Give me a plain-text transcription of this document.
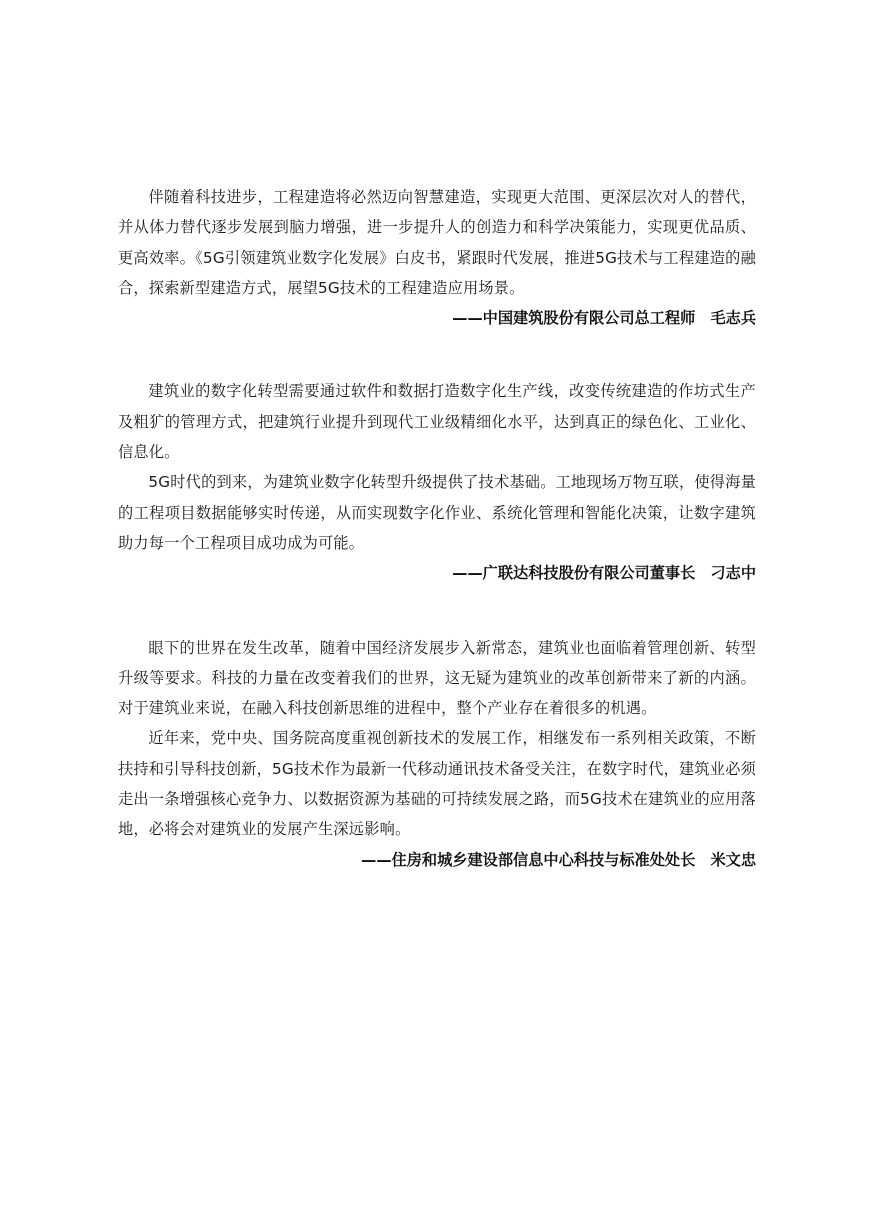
伴随着科技进步，工程建造将必然迈向智慧建造，实现更大范围、更深层次对人的替代，并从体力替代逐步发展到脑力增强，进一步提升人的创造力和科学决策能力，实现更优品质、更高效率。《5G引领建筑业数字化发展》白皮书，紧跟时代发展，推进5G技术与工程建造的融合，探索新型建造方式，展望5G技术的工程建造应用场景。

——中国建筑股份有限公司总工程师　毛志兵

建筑业的数字化转型需要通过软件和数据打造数字化生产线，改变传统建造的作坊式生产及粗犷的管理方式，把建筑行业提升到现代工业级精细化水平，达到真正的绿色化、工业化、信息化。

5G时代的到来，为建筑业数字化转型升级提供了技术基础。工地现场万物互联，使得海量的工程项目数据能够实时传递，从而实现数字化作业、系统化管理和智能化决策，让数字建筑助力每一个工程项目成功成为可能。

——广联达科技股份有限公司董事长　刁志中

眼下的世界在发生改革，随着中国经济发展步入新常态，建筑业也面临着管理创新、转型升级等要求。科技的力量在改变着我们的世界，这无疑为建筑业的改革创新带来了新的内涵。对于建筑业来说，在融入科技创新思维的进程中，整个产业存在着很多的机遇。

近年来，党中央、国务院高度重视创新技术的发展工作，相继发布一系列相关政策，不断扶持和引导科技创新，5G技术作为最新一代移动通讯技术备受关注，在数字时代，建筑业必须走出一条增强核心竞争力、以数据资源为基础的可持续发展之路，而5G技术在建筑业的应用落地，必将会对建筑业的发展产生深远影响。

——住房和城乡建设部信息中心科技与标准处处长　米文忠
